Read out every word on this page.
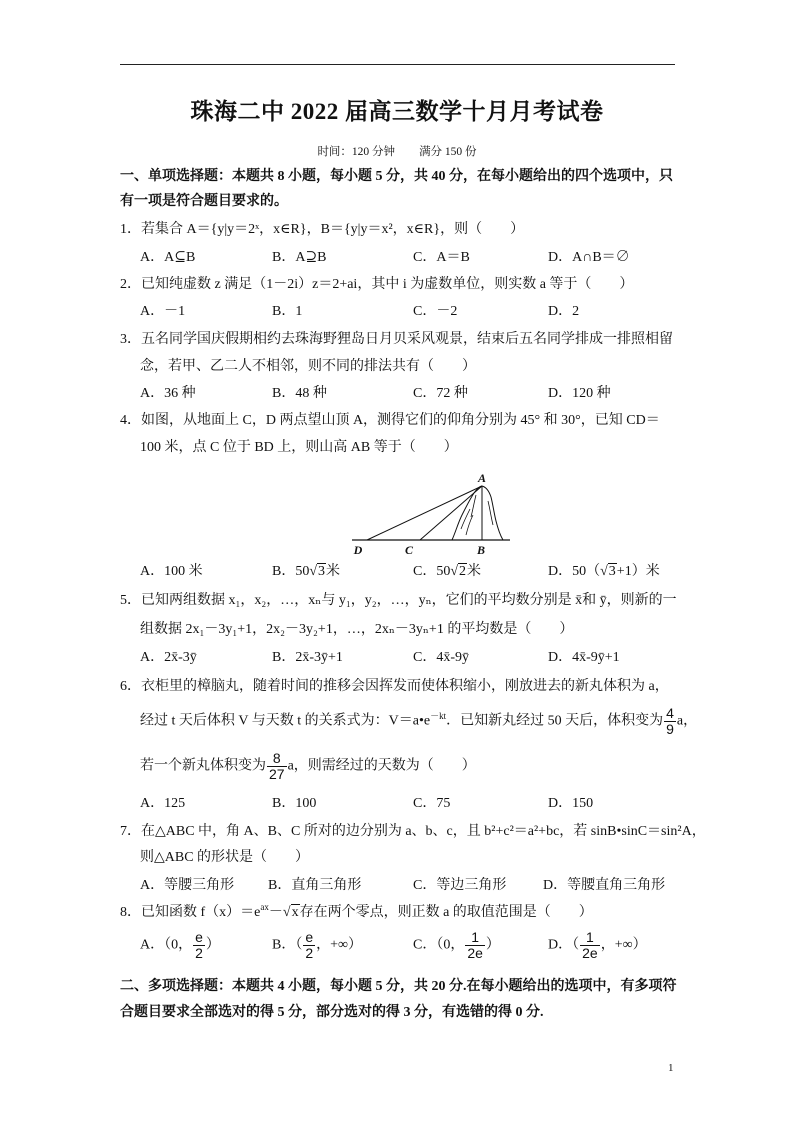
珠海二中 2022 届高三数学十月月考试卷
时间：120 分钟 满分 150 份
一、单项选择题：本题共 8 小题，每小题 5 分，共 40 分，在每小题给出的四个选项中，只
有一项是符合题目要求的。
1．若集合 A＝{y|y＝2ˣ，x∈R}，B＝{y|y＝x²，x∈R}，则（　　）
A．A⊆B	B．A⊇B	C．A＝B	D．A∩B＝∅
2．已知纯虚数 z 满足（1－2i）z＝2+ai，其中 i 为虚数单位，则实数 a 等于（　　）
A．－1	B．1	C．－2	D．2
3．五名同学国庆假期相约去珠海野狸岛日月贝采风观景，结束后五名同学排成一排照相留
念，若甲、乙二人不相邻，则不同的排法共有（　　）
A．36 种	B．48 种	C．72 种	D．120 种
4．如图，从地面上 C，D 两点望山顶 A，测得它们的仰角分别为 45° 和 30°，已知 CD＝
100 米，点 C 位于 BD 上，则山高 AB 等于（　　）
A
D	C	B
A．100 米	B．50√3米	C．50√2米	D．50（√3+1）米
5．已知两组数据 x₁，x₂，…，xₙ与 y₁，y₂，…，yₙ，它们的平均数分别是 x̄和 ȳ，则新的一
组数据 2x₁－3y₁+1，2x₂－3y₂+1，…，2xₙ－3yₙ+1 的平均数是（　　）
A．2x̄-3ȳ	B．2x̄-3ȳ+1	C．4x̄-9ȳ	D．4x̄-9ȳ+1
6．衣柜里的樟脑丸，随着时间的推移会因挥发而使体积缩小，刚放进去的新丸体积为 a，
经过 t 天后体积 V 与天数 t 的关系式为：$V=a•e^{-kt}$．已知新丸经过 50 天后，体积变为 $\frac{4}{9}$ a，
若一个新丸体积变为 $\frac{8}{27}$ a，则需经过的天数为（　　）
A．125	B．100	C．75	D．150
7．在△ABC 中，角 A、B、C 所对的边分别为 a、b、c，且 b²+c²＝a²+bc，若 sinB•sinC＝sin²A，
则△ABC 的形状是（　　）
A．等腰三角形 B．直角三角形	C．等边三角形	D．等腰直角三角形
8．已知函数 $f(x)=e^{ax}-√x$存在两个零点，则正数 a 的取值范围是（　　）
A．（0， $\frac{e}{2}$ ）	B．（ $\frac{e}{2}$ ，+∞）	C．（0， $\frac{1}{2e}$ ）	D．（ $\frac{1}{2e}$ ，+∞）
二、多项选择题：本题共 4 小题，每小题 5 分，共 20 分.在每小题给出的选项中，有多项符
合题目要求全部选对的得 5 分，部分选对的得 3 分，有选错的得 0 分.
1
